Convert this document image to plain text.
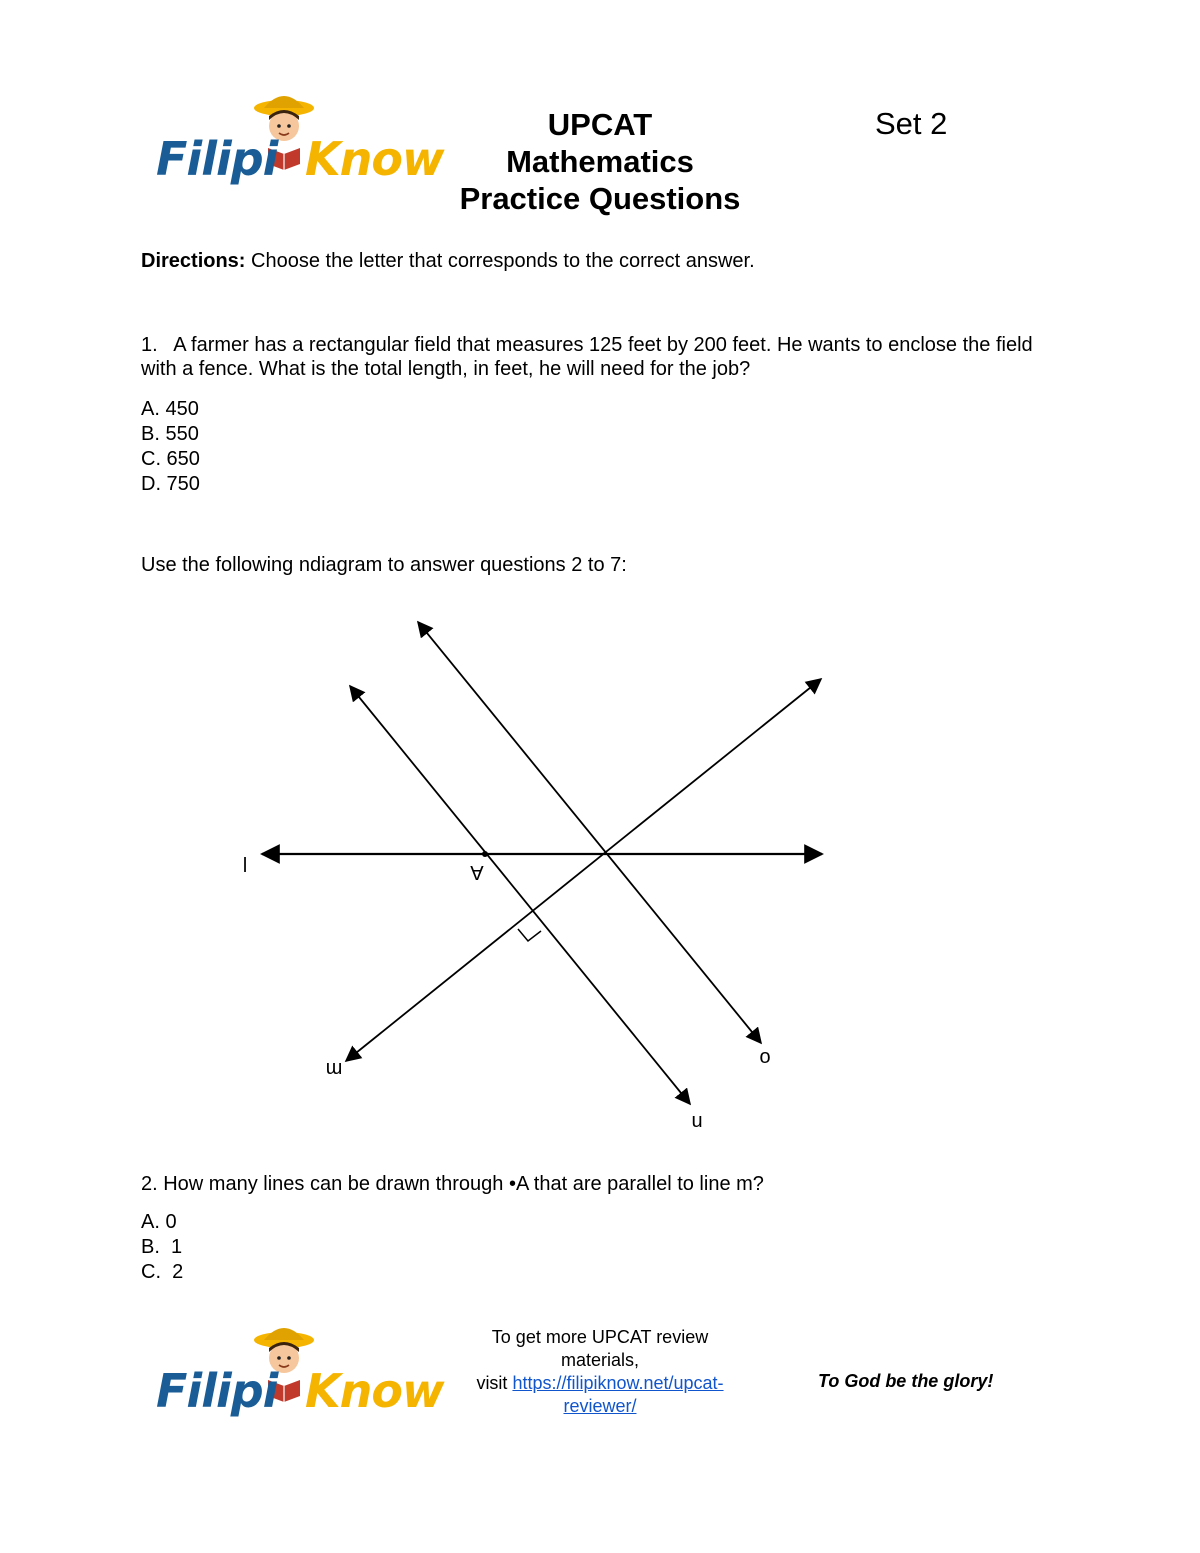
Filipi Know
UPCAT
Mathematics
Practice Questions
Set 2
Directions: Choose the letter that corresponds to the correct answer.
1. A farmer has a rectangular field that measures 125 feet by 200 feet. He wants to enclose the field with a fence. What is the total length, in feet, he will need for the job?
A. 450
B. 550
C. 650
D. 750
Use the following ndiagram to answer questions 2 to 7:
l	A
m
n
o
2. How many lines can be drawn through •A that are parallel to line m?
A. 0
B.  1
C.  2
Filipi Know
To get more UPCAT review
materials,
visit https://filipiknow.net/upcat-
reviewer/
To God be the glory!
